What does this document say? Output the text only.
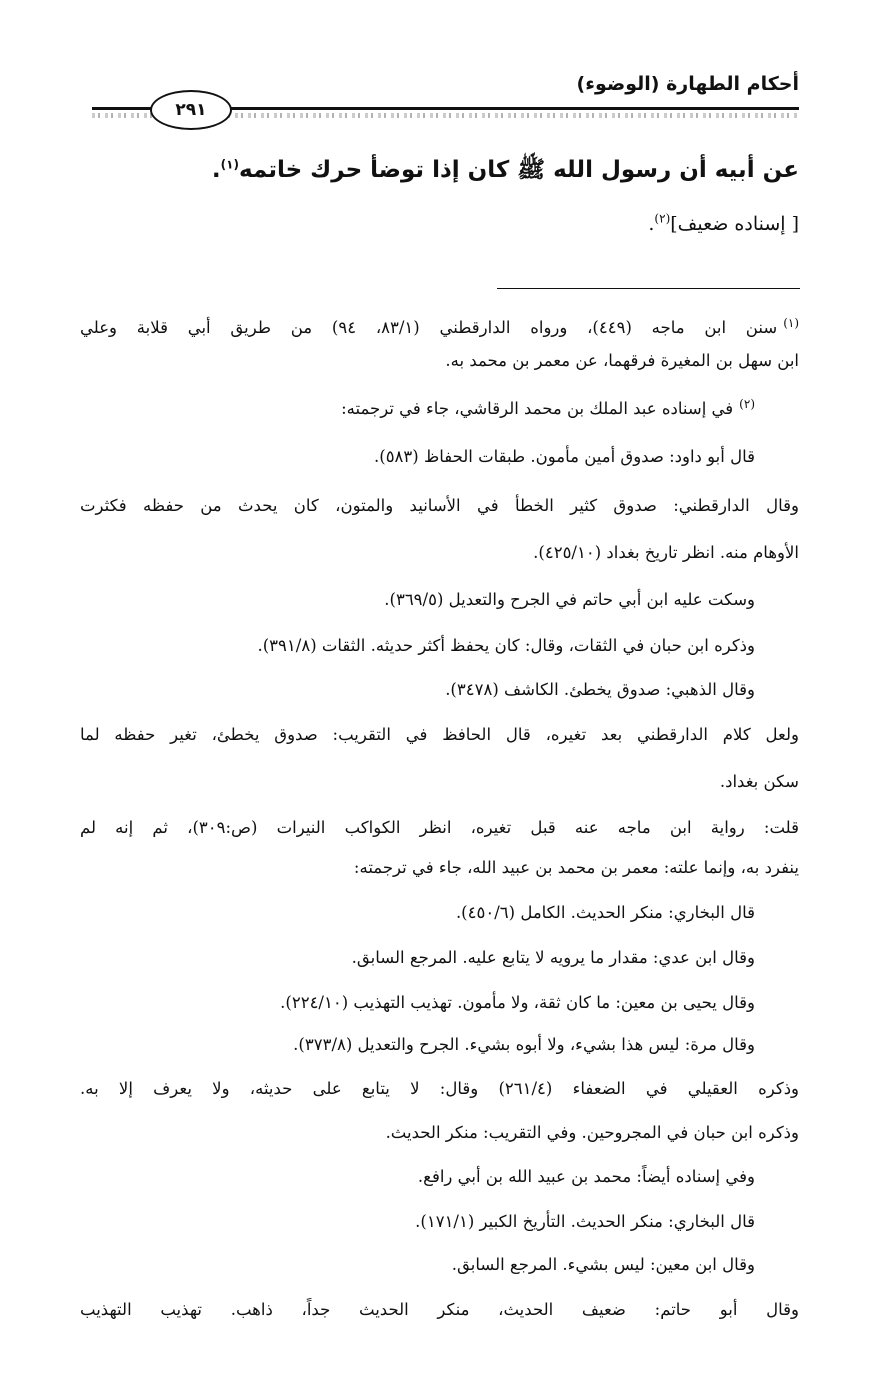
أحكام الطهارة (الوضوء)
٢٩١
عن أبيه أن رسول الله ﷺ كان إذا توضأ حرك خاتمه$^{(١)}$.
[ إسناده ضعيف]$^{(٢)}$.
$^{(١)}$سنن ابن ماجه (٤٤٩)، ورواه الدارقطني (٨٣/١، ٩٤) من طريق أبي قلابة وعلي
ابن سهل بن المغيرة فرقهما، عن معمر بن محمد به.
$^{(٢)}$في إسناده عبد الملك بن محمد الرقاشي، جاء في ترجمته:
قال أبو داود: صدوق أمين مأمون. طبقات الحفاظ (٥٨٣).
وقال الدارقطني: صدوق كثير الخطأ في الأسانيد والمتون، كان يحدث من حفظه فكثرت
الأوهام منه. انظر تاريخ بغداد (٤٢٥/١٠).
وسكت عليه ابن أبي حاتم في الجرح والتعديل (٣٦٩/٥).
وذكره ابن حبان في الثقات، وقال: كان يحفظ أكثر حديثه. الثقات (٣٩١/٨).
وقال الذهبي: صدوق يخطئ. الكاشف (٣٤٧٨).
ولعل كلام الدارقطني بعد تغيره، قال الحافظ في التقريب: صدوق يخطئ، تغير حفظه لما
سكن بغداد.
قلت: رواية ابن ماجه عنه قبل تغيره، انظر الكواكب النيرات (ص:٣٠٩)، ثم إنه لم
ينفرد به، وإنما علته: معمر بن محمد بن عبيد الله، جاء في ترجمته:
قال البخاري: منكر الحديث. الكامل (٤٥٠/٦).
وقال ابن عدي: مقدار ما يرويه لا يتابع عليه. المرجع السابق.
وقال يحيى بن معين: ما كان ثقة، ولا مأمون. تهذيب التهذيب (٢٢٤/١٠).
وقال مرة: ليس هذا بشيء، ولا أبوه بشيء. الجرح والتعديل (٣٧٣/٨).
وذكره العقيلي في الضعفاء (٢٦١/٤) وقال: لا يتابع على حديثه، ولا يعرف إلا به.
وذكره ابن حبان في المجروحين. وفي التقريب: منكر الحديث.
وفي إسناده أيضاً: محمد بن عبيد الله بن أبي رافع.
قال البخاري: منكر الحديث. التأريخ الكبير (١٧١/١).
وقال ابن معين: ليس بشيء. المرجع السابق.
وقال أبو حاتم: ضعيف الحديث، منكر الحديث جداً، ذاهب. تهذيب التهذيب
